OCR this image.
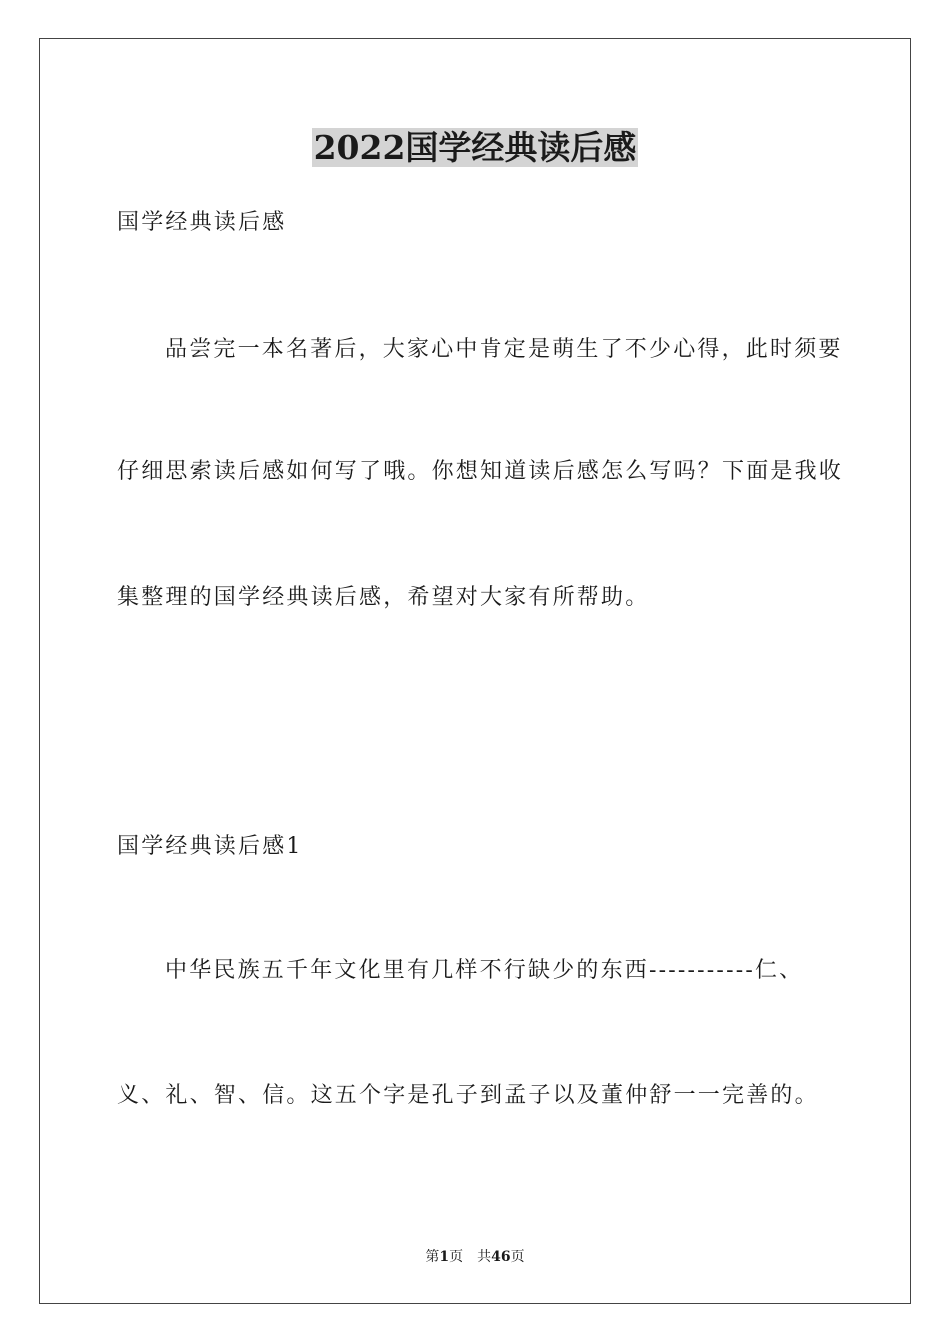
2022国学经典读后感
国学经典读后感
品尝完一本名著后，大家心中肯定是萌生了不少心得，此时须要
仔细思索读后感如何写了哦。你想知道读后感怎么写吗？下面是我收
集整理的国学经典读后感，希望对大家有所帮助。
国学经典读后感1
中华民族五千年文化里有几样不行缺少的东西-----------仁、
义、礼、智、信。这五个字是孔子到孟子以及董仲舒一一完善的。
第1页 共46页
